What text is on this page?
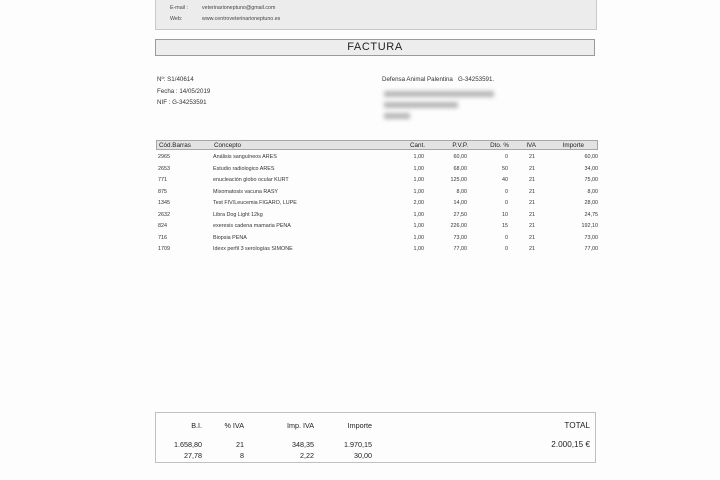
E-mail :	veterinarioneptuno@gmail.com
Web:	www.centroveterinarioneptuno.es
FACTURA
Nº: S1/40614
Fecha : 14/05/2019
NIF : G-34253591
Defensa Animal Palentina G-34253591.
Cód.Barras	Concepto	Cant.	P.V.P.	Dto. %	IVA	Importe
2965	Análisis sanguíneos ARES	1,00	60,00	0	21	60,00
2653	Estudio radiologico ARES	1,00	68,00	50	21	34,00
771	enucleación globo ocular KURT	1,00	125,00	40	21	75,00
875	Mixomatosis vacuna RASY	1,00	8,00	0	21	8,00
1345	Test FIV/Leucemia FIGARO, LUPE	2,00	14,00	0	21	28,00
2632	Libra Dog Light 12kg	1,00	27,50	10	21	24,75
824	exeresis cadena mamaria PENA	1,00	226,00	15	21	192,10
716	Biopsia PENA	1,00	73,00	0	21	73,00
1709	Idexx perfil 3 serologías SIMONE	1,00	77,00	0	21	77,00
B.I.	% IVA	Imp. IVA	Importe	TOTAL
1.658,80	21	348,35	1.970,15
27,78	8	2,22	30,00
2.000,15 €
